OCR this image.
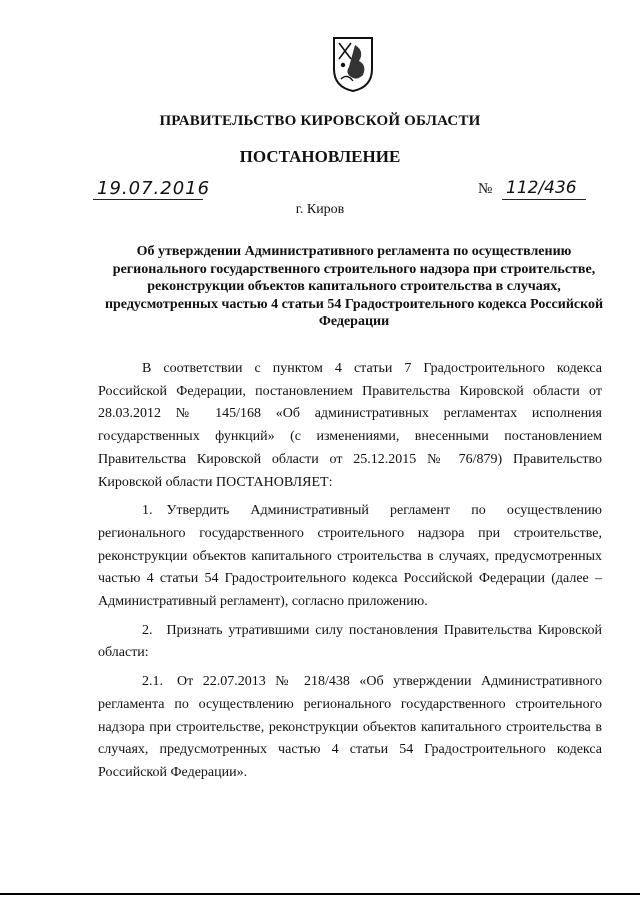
ПРАВИТЕЛЬСТВО КИРОВСКОЙ ОБЛАСТИ
ПОСТАНОВЛЕНИЕ
19.07.2016	№ 112/436
г. Киров
Об утверждении Административного регламента по осуществлению регионального государственного строительного надзора при строительстве, реконструкции объектов капитального строительства в случаях, предусмотренных частью 4 статьи 54 Градостроительного кодекса Российской Федерации

В соответствии с пунктом 4 статьи 7 Градостроительного кодекса Российской Федерации, постановлением Правительства Кировской области от 28.03.2012 № 145/168 «Об административных регламентах исполнения государственных функций» (с изменениями, внесенными постановлением Правительства Кировской области от 25.12.2015 № 76/879) Правительство Кировской области ПОСТАНОВЛЯЕТ:

1. Утвердить Административный регламент по осуществлению регионального государственного строительного надзора при строительстве, реконструкции объектов капитального строительства в случаях, предусмотренных частью 4 статьи 54 Градостроительного кодекса Российской Федерации (далее – Административный регламент), согласно приложению.

2. Признать утратившими силу постановления Правительства Кировской области:

2.1. От 22.07.2013 № 218/438 «Об утверждении Административного регламента по осуществлению регионального государственного строительного надзора при строительстве, реконструкции объектов капитального строительства в случаях, предусмотренных частью 4 статьи 54 Градостроительного кодекса Российской Федерации».
